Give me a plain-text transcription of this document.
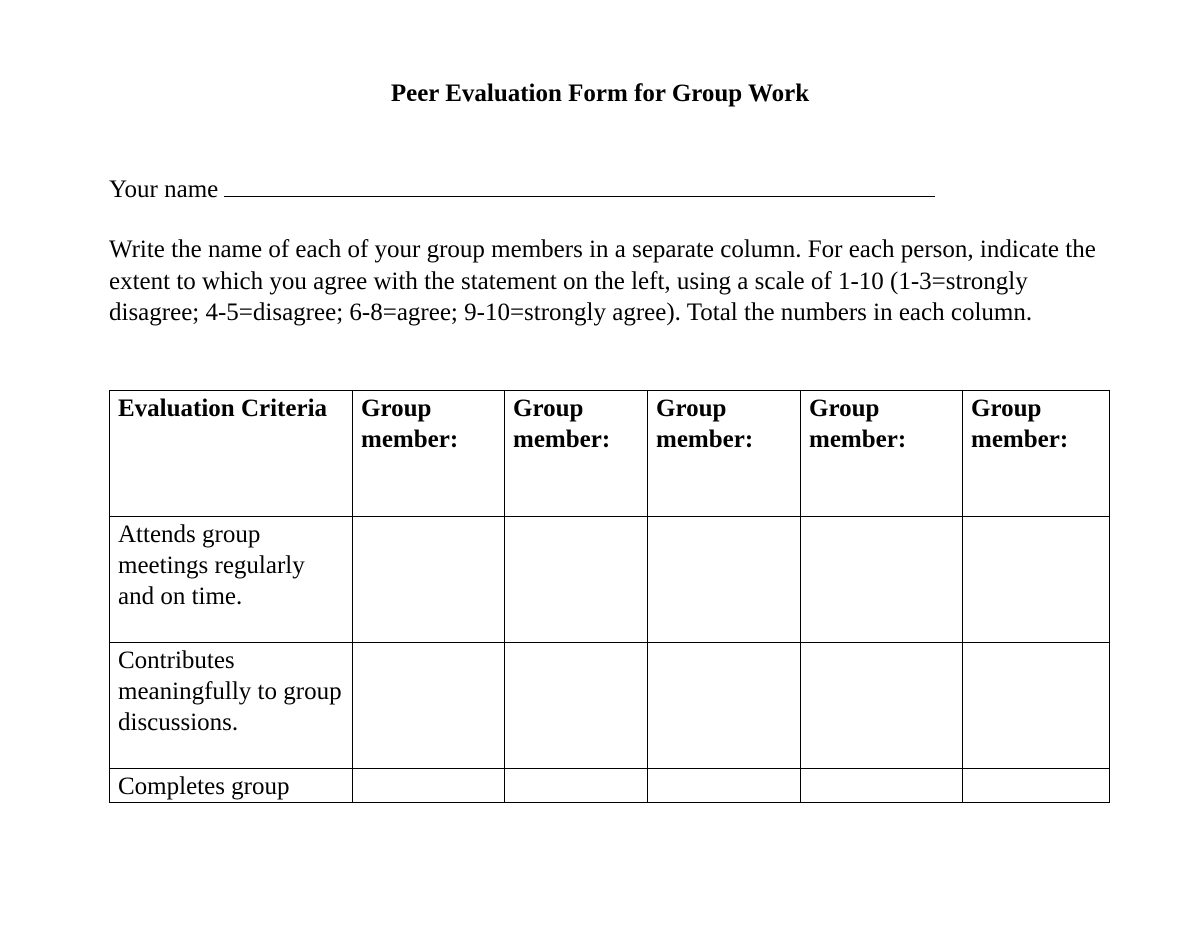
Peer Evaluation Form for Group Work
Your name

Write the name of each of your group members in a separate column. For each person, indicate the extent to which you agree with the statement on the left, using a scale of 1-10 (1-3=strongly disagree; 4-5=disagree; 6-8=agree; 9-10=strongly agree). Total the numbers in each column.

Evaluation Criteria	Group member:	Group member:	Group member:	Group member:	Group member:
Attends group meetings regularly and on time.					
Contributes meaningfully to group discussions.					
Completes group					
